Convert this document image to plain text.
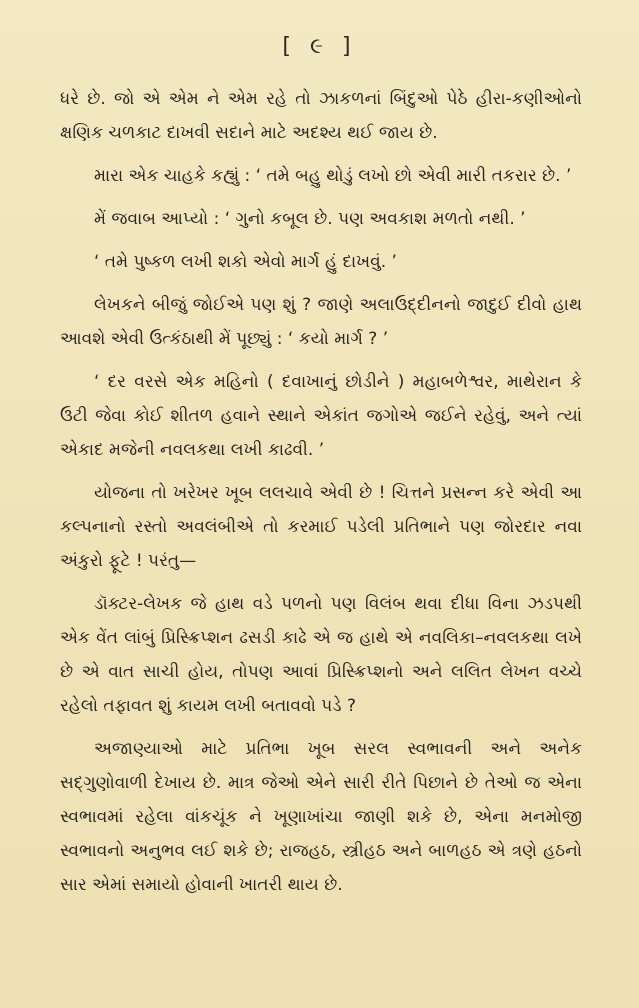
[ ૯ ]

ધરે છે. જો એ એમ ને એમ રહે તો ઝાકળનાં બિંદુઓ પેઠે હીરા-કણીઓનો ક્ષણિક ચળકાટ દાખવી સદાને માટે અદશ્ય થઈ જાય છે.

મારા એક ચાહકે કહ્યું : ‘ તમે બહુ થોડું લખો છો એવી મારી તકરાર છે. ’

મેં જવાબ આપ્યો : ‘ ગુનો કબૂલ છે. પણ અવકાશ મળતો નથી. ’

‘ તમે પુષ્કળ લખી શકો એવો માર્ગ હું દાખવું. ’

લેખકને બીજું જોઈએ પણ શું ? જાણે અલાઉદ્દીનનો જાદુઈ દીવો હાથ આવશે એવી ઉત્કંઠાથી મેં પૂછ્યું : ‘ કયો માર્ગ ? ’

‘ દર વરસે એક મહિનો ( દવાખાનું છોડીને ) મહાબળેશ્વર, માથેરાન કે ઉટી જેવા કોઈ શીતળ હવાને સ્થાને એકાંત જગોએ જઈને રહેવું, અને ત્યાં એકાદ મજેની નવલકથા લખી કાઢવી. ’

યોજના તો ખરેખર ખૂબ લલચાવે એવી છે ! ચિત્તને પ્રસન્ન કરે એવી આ કલ્પનાનો રસ્તો અવલંબીએ તો કરમાઈ પડેલી પ્રતિભાને પણ જોરદાર નવા અંકુરો ફૂટે ! પરંતુ—

ડૉક્ટર-લેખક જે હાથ વડે પળનો પણ વિલંબ થવા દીધા વિના ઝડપથી એક વેંત લાંબું પ્રિસ્ક્રિપ્શન ઢસડી કાઢે એ જ હાથે એ નવલિકા–નવલકથા લખે છે એ વાત સાચી હોય, તોપણ આવાં પ્રિસ્ક્રિપ્શનો અને લલિત લેખન વચ્ચે રહેલો તફાવત શું કાયમ લખી બતાવવો પડે ?

અજાણ્યાઓ માટે પ્રતિભા ખૂબ સરલ સ્વભાવની અને અનેક સદ્ગુણોવાળી દેખાય છે. માત્ર જેઓ એને સારી રીતે પિછાને છે તેઓ જ એના સ્વભાવમાં રહેલા વાંકચૂંક ને ખૂણાખાંચા જાણી શકે છે, એના મનમોજી સ્વભાવનો અનુભવ લઈ શકે છે; રાજહઠ, સ્ત્રીહઠ અને બાળહઠ એ ત્રણે હઠનો સાર એમાં સમાયો હોવાની ખાતરી થાય છે.
